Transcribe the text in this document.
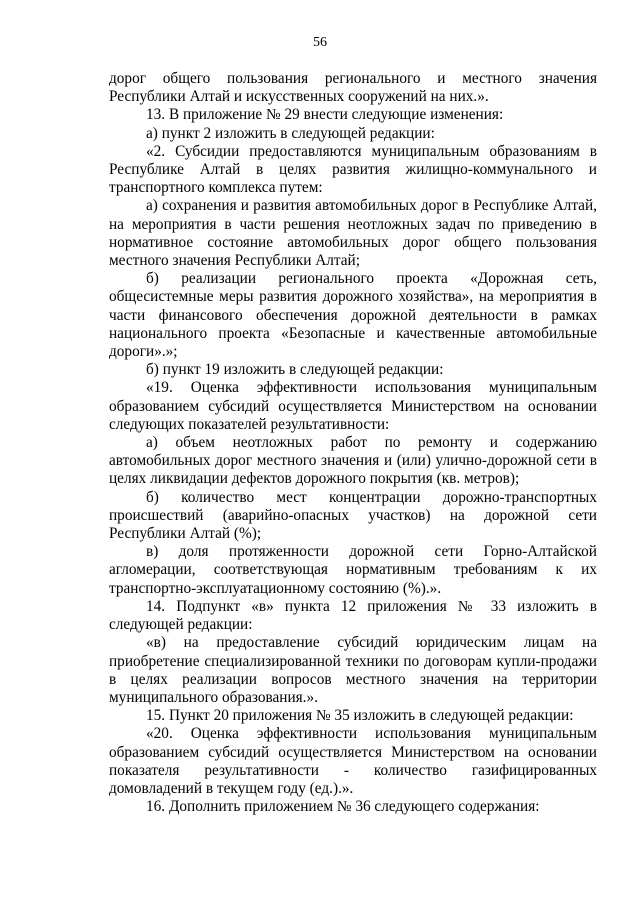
56

дорог общего пользования регионального и местного значения Республики Алтай и искусственных сооружений на них.».

13. В приложение № 29 внести следующие изменения:

а) пункт 2 изложить в следующей редакции:

«2. Субсидии предоставляются муниципальным образованиям в Республике Алтай в целях развития жилищно-коммунального и транспортного комплекса путем:

а) сохранения и развития автомобильных дорог в Республике Алтай, на мероприятия в части решения неотложных задач по приведению в нормативное состояние автомобильных дорог общего пользования местного значения Республики Алтай;

б) реализации регионального проекта «Дорожная сеть, общесистемные меры развития дорожного хозяйства», на мероприятия в части финансового обеспечения дорожной деятельности в рамках национального проекта «Безопасные и качественные автомобильные дороги».»;

б) пункт 19 изложить в следующей редакции:

«19. Оценка эффективности использования муниципальным образованием субсидий осуществляется Министерством на основании следующих показателей результативности:

а) объем неотложных работ по ремонту и содержанию автомобильных дорог местного значения и (или) улично-дорожной сети в целях ликвидации дефектов дорожного покрытия (кв. метров);

б) количество мест концентрации дорожно-транспортных происшествий (аварийно-опасных участков) на дорожной сети Республики Алтай (%);

в) доля протяженности дорожной сети Горно-Алтайской агломерации, соответствующая нормативным требованиям к их транспортно-эксплуатационному состоянию (%).».

14. Подпункт «в» пункта 12 приложения № 33 изложить в следующей редакции:

«в) на предоставление субсидий юридическим лицам на приобретение специализированной техники по договорам купли-продажи в целях реализации вопросов местного значения на территории муниципального образования.».

15. Пункт 20 приложения № 35 изложить в следующей редакции:

«20. Оценка эффективности использования муниципальным образованием субсидий осуществляется Министерством на основании показателя результативности - количество газифицированных домовладений в текущем году (ед.).».

16. Дополнить приложением № 36 следующего содержания:
